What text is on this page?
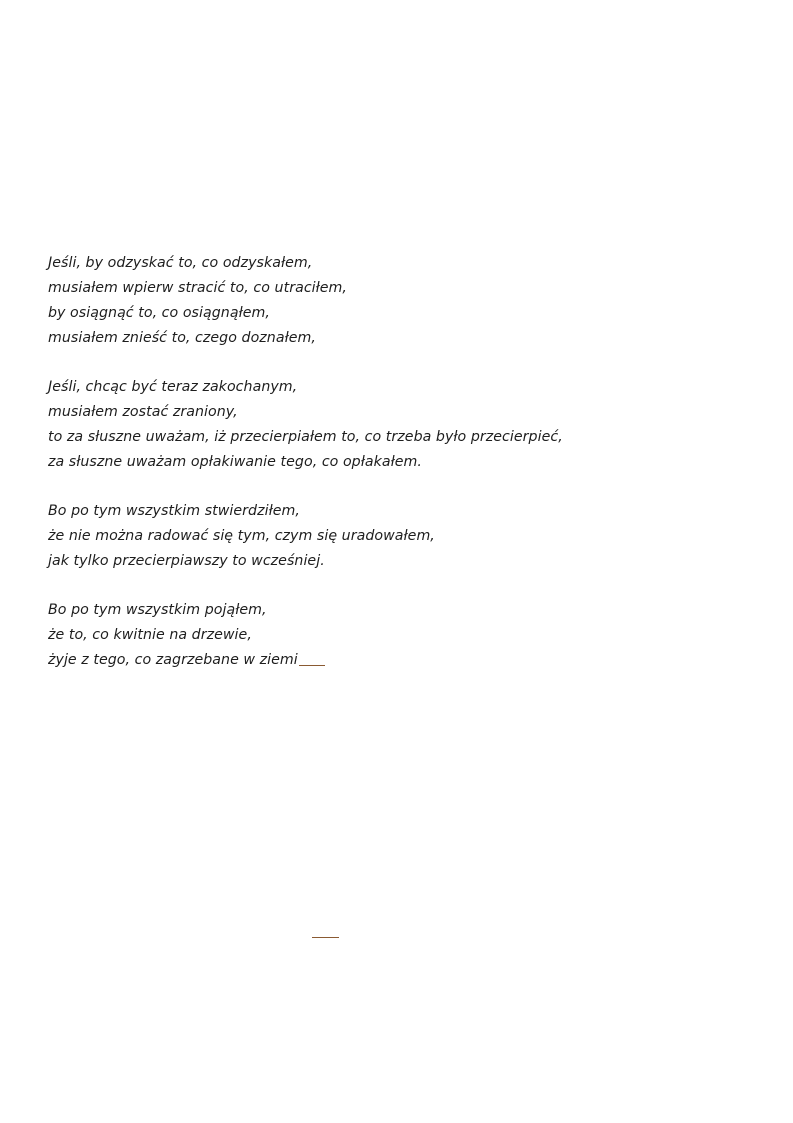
Jeśli, by odzyskać to, co odzyskałem,
musiałem wpierw stracić to, co utraciłem,
by osiągnąć to, co osiągnąłem,
musiałem znieść to, czego doznałem,
Jeśli, chcąc być teraz zakochanym,
musiałem zostać zraniony,
to za słuszne uważam, iż przecierpiałem to, co trzeba było przecierpieć,
za słuszne uważam opłakiwanie tego, co opłakałem.
Bo po tym wszystkim stwierdziłem,
że nie można radować się tym, czym się uradowałem,
jak tylko przecierpiawszy to wcześniej.
Bo po tym wszystkim pojąłem,
że to, co kwitnie na drzewie,
żyje z tego, co zagrzebane w ziemi
